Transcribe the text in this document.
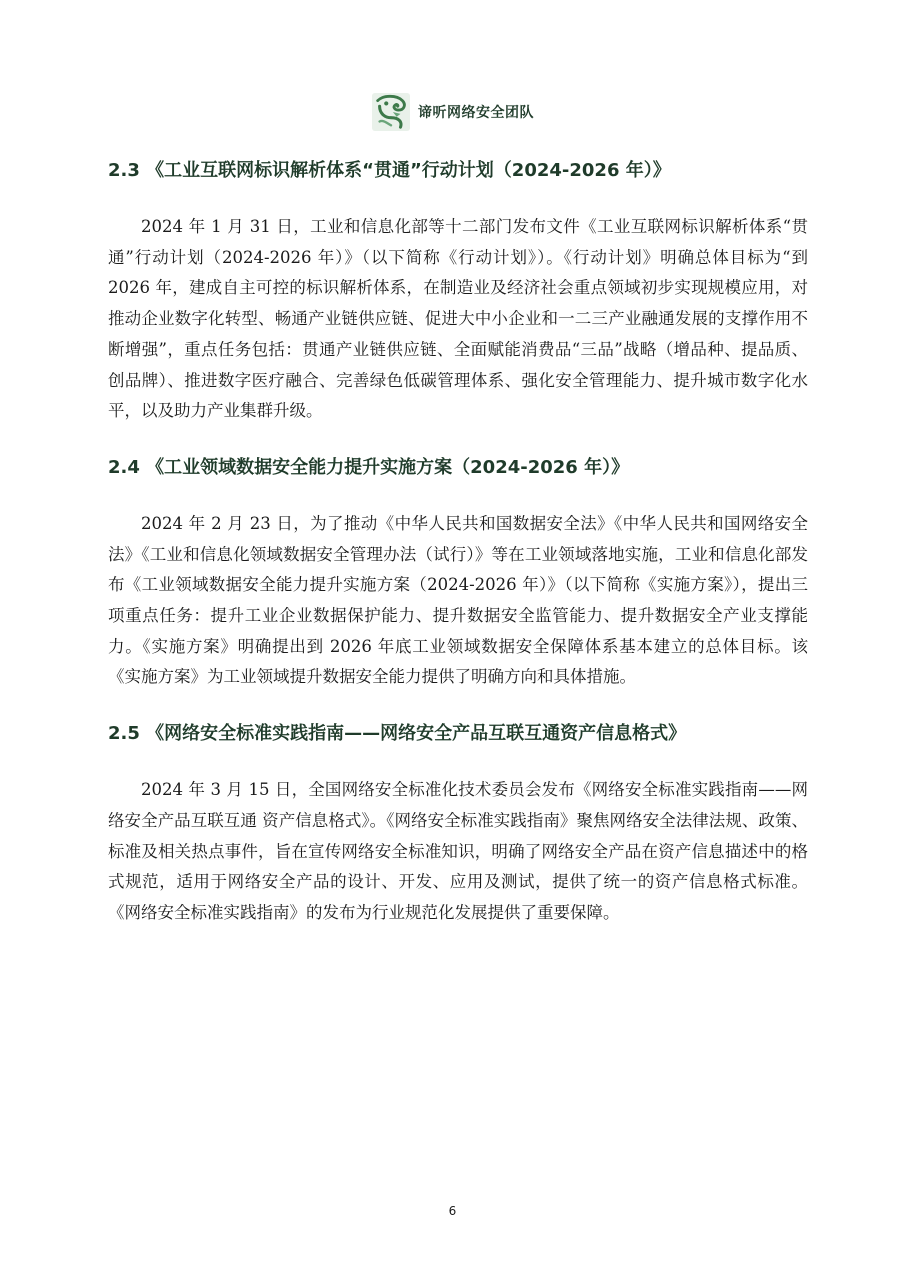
谛听网络安全团队
2.3 《工业互联网标识解析体系“贯通”行动计划（2024-2026 年）》

2024 年 1 月 31 日，工业和信息化部等十二部门发布文件《工业互联网标识解析体系“贯通”行动计划（2024-2026 年）》（以下简称《行动计划》）。《行动计划》明确总体目标为“到 2026 年，建成自主可控的标识解析体系，在制造业及经济社会重点领域初步实现规模应用，对推动企业数字化转型、畅通产业链供应链、促进大中小企业和一二三产业融通发展的支撑作用不断增强”，重点任务包括：贯通产业链供应链、全面赋能消费品“三品”战略（增品种、提品质、创品牌）、推进数字医疗融合、完善绿色低碳管理体系、强化安全管理能力、提升城市数字化水平，以及助力产业集群升级。

2.4 《工业领域数据安全能力提升实施方案（2024-2026 年）》

2024 年 2 月 23 日，为了推动《中华人民共和国数据安全法》《中华人民共和国网络安全法》《工业和信息化领域数据安全管理办法（试行）》等在工业领域落地实施，工业和信息化部发布《工业领域数据安全能力提升实施方案（2024-2026 年）》（以下简称《实施方案》），提出三项重点任务：提升工业企业数据保护能力、提升数据安全监管能力、提升数据安全产业支撑能力。《实施方案》明确提出到 2026 年底工业领域数据安全保障体系基本建立的总体目标。该《实施方案》为工业领域提升数据安全能力提供了明确方向和具体措施。

2.5 《网络安全标准实践指南——网络安全产品互联互通资产信息格式》

2024 年 3 月 15 日，全国网络安全标准化技术委员会发布《网络安全标准实践指南——网络安全产品互联互通 资产信息格式》。《网络安全标准实践指南》聚焦网络安全法律法规、政策、标准及相关热点事件，旨在宣传网络安全标准知识，明确了网络安全产品在资产信息描述中的格式规范，适用于网络安全产品的设计、开发、应用及测试，提供了统一的资产信息格式标准。《网络安全标准实践指南》的发布为行业规范化发展提供了重要保障。

6
